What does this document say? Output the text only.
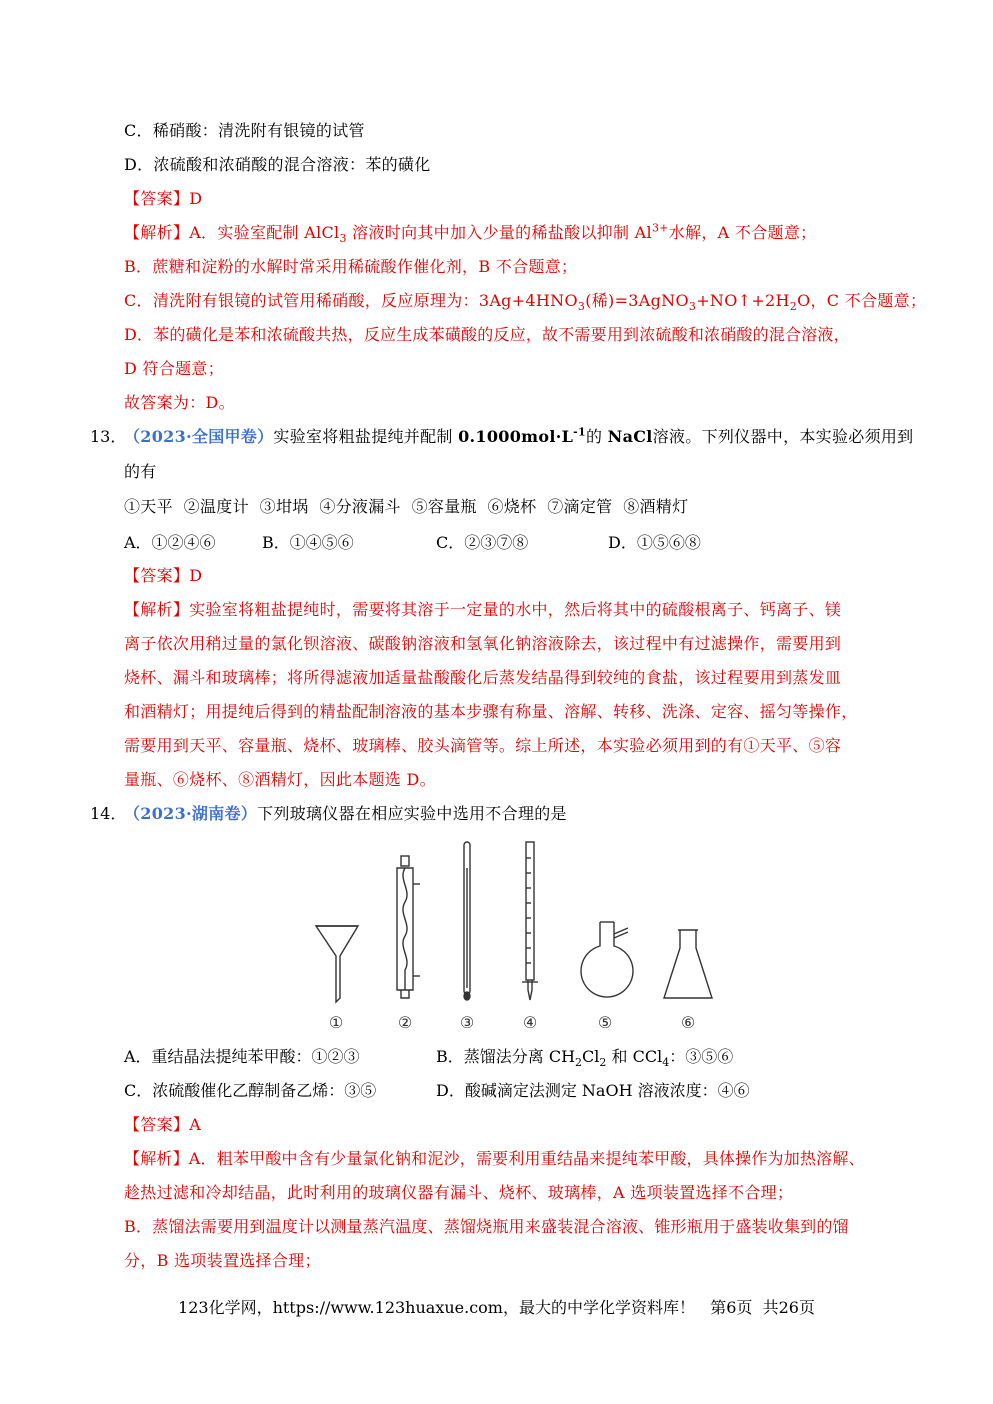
C．稀硝酸：清洗附有银镜的试管
D．浓硫酸和浓硝酸的混合溶液：苯的磺化
【答案】D
【解析】A．实验室配制 AlCl$_3$ 溶液时向其中加入少量的稀盐酸以抑制 $Al^{3+}$水解，A 不合题意；
B．蔗糖和淀粉的水解时常采用稀硫酸作催化剂，B 不合题意；
C．清洗附有银镜的试管用稀硝酸，反应原理为：$3Ag+4HNO_3$(稀)$=3AgNO_3+NO↑+2H_2O$，C 不合题意；
D．苯的磺化是苯和浓硫酸共热，反应生成苯磺酸的反应，故不需要用到浓硫酸和浓硝酸的混合溶液，
D 符合题意；
故答案为：D。
13．
（2023·全国甲卷）实验室将粗盐提纯并配制 $0.1000mol\cdot L^{-1}$的 NaCl溶液。下列仪器中，本实验必须用到
的有
①天平  ②温度计  ③坩埚  ④分液漏斗  ⑤容量瓶  ⑥烧杯  ⑦滴定管  ⑧酒精灯
A．①②④⑥	B．①④⑤⑥	C．②③⑦⑧	D．①⑤⑥⑧
【答案】D
【解析】实验室将粗盐提纯时，需要将其溶于一定量的水中，然后将其中的硫酸根离子、钙离子、镁
离子依次用稍过量的氯化钡溶液、碳酸钠溶液和氢氧化钠溶液除去，该过程中有过滤操作，需要用到
烧杯、漏斗和玻璃棒；将所得滤液加适量盐酸酸化后蒸发结晶得到较纯的食盐，该过程要用到蒸发皿
和酒精灯；用提纯后得到的精盐配制溶液的基本步骤有称量、溶解、转移、洗涤、定容、摇匀等操作，
需要用到天平、容量瓶、烧杯、玻璃棒、胶头滴管等。综上所述，本实验必须用到的有①天平、⑤容
量瓶、⑥烧杯、⑧酒精灯，因此本题选 D。
14．
（2023·湖南卷）下列玻璃仪器在相应实验中选用不合理的是
①	②	③	④	⑤	⑥
A．重结晶法提纯苯甲酸：①②③	B．蒸馏法分离 $CH_2Cl_2$ 和 CCl$_4$：③⑤⑥
C．浓硫酸催化乙醇制备乙烯：③⑤	D．酸碱滴定法测定 NaOH 溶液浓度：④⑥
【答案】A
【解析】A．粗苯甲酸中含有少量氯化钠和泥沙，需要利用重结晶来提纯苯甲酸，具体操作为加热溶解、
趁热过滤和冷却结晶，此时利用的玻璃仪器有漏斗、烧杯、玻璃棒，A 选项装置选择不合理；
B．蒸馏法需要用到温度计以测量蒸汽温度、蒸馏烧瓶用来盛装混合溶液、锥形瓶用于盛装收集到的馏
分，B 选项装置选择合理；
123化学网，https://www.123huaxue.com，最大的中学化学资料库！   第6页  共26页
